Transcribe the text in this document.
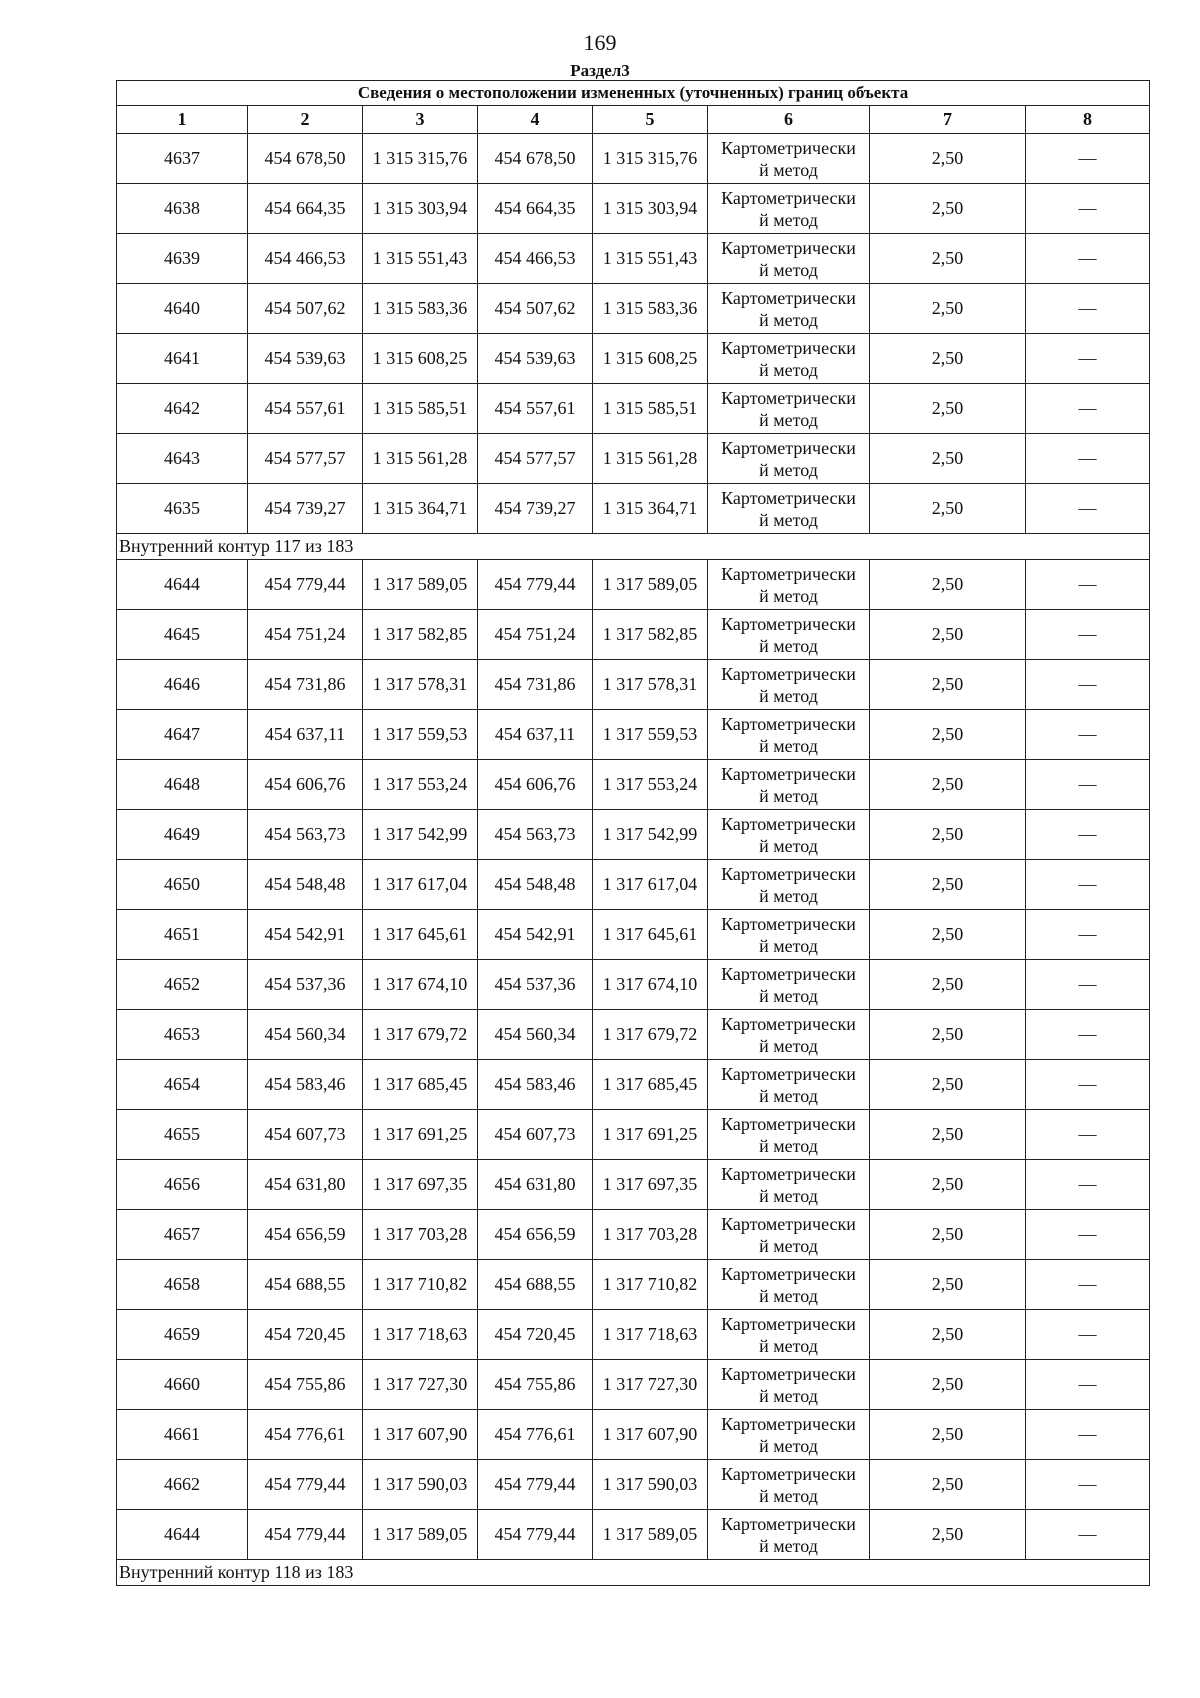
169
Раздел3
Сведения о местоположении измененных (уточненных) границ объекта							
1	2	3	4	5	6	7	8
4637	454 678,50	1 315 315,76	454 678,50	1 315 315,76	Картометрически
й метод	2,50	—
4638	454 664,35	1 315 303,94	454 664,35	1 315 303,94	Картометрически
й метод	2,50	—
4639	454 466,53	1 315 551,43	454 466,53	1 315 551,43	Картометрически
й метод	2,50	—
4640	454 507,62	1 315 583,36	454 507,62	1 315 583,36	Картометрически
й метод	2,50	—
4641	454 539,63	1 315 608,25	454 539,63	1 315 608,25	Картометрически
й метод	2,50	—
4642	454 557,61	1 315 585,51	454 557,61	1 315 585,51	Картометрически
й метод	2,50	—
4643	454 577,57	1 315 561,28	454 577,57	1 315 561,28	Картометрически
й метод	2,50	—
4635	454 739,27	1 315 364,71	454 739,27	1 315 364,71	Картометрически
й метод	2,50	—
Внутренний контур 117 из 183							
4644	454 779,44	1 317 589,05	454 779,44	1 317 589,05	Картометрически
й метод	2,50	—
4645	454 751,24	1 317 582,85	454 751,24	1 317 582,85	Картометрически
й метод	2,50	—
4646	454 731,86	1 317 578,31	454 731,86	1 317 578,31	Картометрически
й метод	2,50	—
4647	454 637,11	1 317 559,53	454 637,11	1 317 559,53	Картометрически
й метод	2,50	—
4648	454 606,76	1 317 553,24	454 606,76	1 317 553,24	Картометрически
й метод	2,50	—
4649	454 563,73	1 317 542,99	454 563,73	1 317 542,99	Картометрически
й метод	2,50	—
4650	454 548,48	1 317 617,04	454 548,48	1 317 617,04	Картометрически
й метод	2,50	—
4651	454 542,91	1 317 645,61	454 542,91	1 317 645,61	Картометрически
й метод	2,50	—
4652	454 537,36	1 317 674,10	454 537,36	1 317 674,10	Картометрически
й метод	2,50	—
4653	454 560,34	1 317 679,72	454 560,34	1 317 679,72	Картометрически
й метод	2,50	—
4654	454 583,46	1 317 685,45	454 583,46	1 317 685,45	Картометрически
й метод	2,50	—
4655	454 607,73	1 317 691,25	454 607,73	1 317 691,25	Картометрически
й метод	2,50	—
4656	454 631,80	1 317 697,35	454 631,80	1 317 697,35	Картометрически
й метод	2,50	—
4657	454 656,59	1 317 703,28	454 656,59	1 317 703,28	Картометрически
й метод	2,50	—
4658	454 688,55	1 317 710,82	454 688,55	1 317 710,82	Картометрически
й метод	2,50	—
4659	454 720,45	1 317 718,63	454 720,45	1 317 718,63	Картометрически
й метод	2,50	—
4660	454 755,86	1 317 727,30	454 755,86	1 317 727,30	Картометрически
й метод	2,50	—
4661	454 776,61	1 317 607,90	454 776,61	1 317 607,90	Картометрически
й метод	2,50	—
4662	454 779,44	1 317 590,03	454 779,44	1 317 590,03	Картометрически
й метод	2,50	—
4644	454 779,44	1 317 589,05	454 779,44	1 317 589,05	Картометрически
й метод	2,50	—
Внутренний контур 118 из 183							
